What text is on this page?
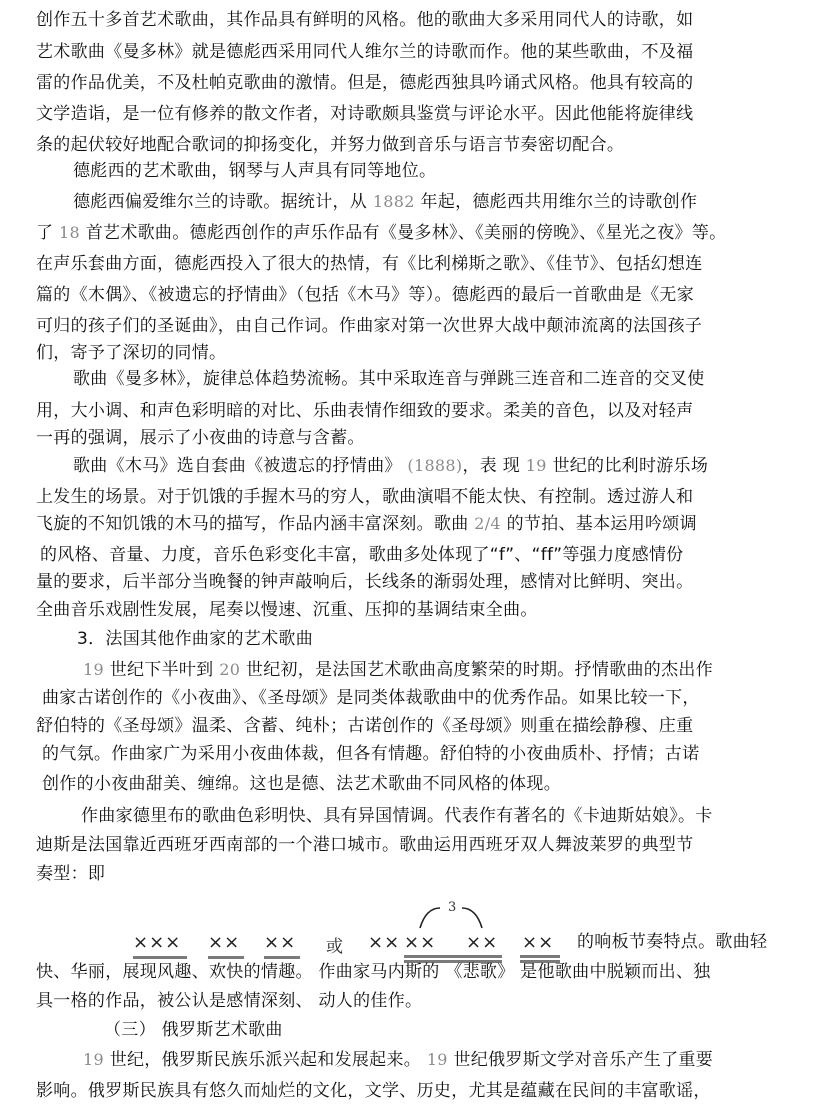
创作五十多首艺术歌曲，其作品具有鲜明的风格。他的歌曲大多采用同代人的诗歌，如
艺术歌曲《曼多林》就是德彪西采用同代人维尔兰的诗歌而作。他的某些歌曲，不及福
雷的作品优美，不及杜帕克歌曲的激情。但是，德彪西独具吟诵式风格。他具有较高的
文学造诣，是一位有修养的散文作者，对诗歌颇具鉴赏与评论水平。因此他能将旋律线
条的起伏较好地配合歌词的抑扬变化，并努力做到音乐与语言节奏密切配合。
德彪西的艺术歌曲，钢琴与人声具有同等地位。
德彪西偏爱维尔兰的诗歌。据统计，从 1882 年起，德彪西共用维尔兰的诗歌创作
了 18 首艺术歌曲。德彪西创作的声乐作品有《曼多林》、《美丽的傍晚》、《星光之夜》等。
在声乐套曲方面，德彪西投入了很大的热情，有《比利梯斯之歌》、《佳节》、包括幻想连
篇的《木偶》、《被遗忘的抒情曲》（包括《木马》等）。德彪西的最后一首歌曲是《无家
可归的孩子们的圣诞曲》，由自己作词。作曲家对第一次世界大战中颠沛流离的法国孩子
们，寄予了深切的同情。
歌曲《曼多林》，旋律总体趋势流畅。其中采取连音与弹跳三连音和二连音的交叉使
用，大小调、和声色彩明暗的对比、乐曲表情作细致的要求。柔美的音色，以及对轻声
一再的强调，展示了小夜曲的诗意与含蓄。
歌曲《木马》选自套曲《被遗忘的抒情曲》 (1888)，表 现 19 世纪的比利时游乐场
上发生的场景。对于饥饿的手握木马的穷人，歌曲演唱不能太快、有控制。透过游人和
飞旋的不知饥饿的木马的描写，作品内涵丰富深刻。歌曲 2/4 的节拍、基本运用吟颂调
的风格、音量、力度，音乐色彩变化丰富，歌曲多处体现了“f”、“ff”等强力度感情份
量的要求，后半部分当晚餐的钟声敲响后，长线条的渐弱处理，感情对比鲜明、突出。
全曲音乐戏剧性发展，尾奏以慢速、沉重、压抑的基调结束全曲。
3．法国其他作曲家的艺术歌曲
19 世纪下半叶到 20 世纪初，是法国艺术歌曲高度繁荣的时期。抒情歌曲的杰出作
曲家古诺创作的《小夜曲》、《圣母颂》是同类体裁歌曲中的优秀作品。如果比较一下，
舒伯特的《圣母颂》温柔、含蓄、纯朴；古诺创作的《圣母颂》则重在描绘静穆、庄重
的气氛。作曲家广为采用小夜曲体裁，但各有情趣。舒伯特的小夜曲质朴、抒情；古诺
创作的小夜曲甜美、缠绵。这也是德、法艺术歌曲不同风格的体现。
作曲家德里布的歌曲色彩明快、具有异国情调。代表作有著名的《卡迪斯姑娘》。卡
迪斯是法国靠近西班牙西南部的一个港口城市。歌曲运用西班牙双人舞波莱罗的典型节
奏型：即
××× ×× ×× 或
3
×× ×× ×× ×× 的响板节奏特点。歌曲轻
快、华丽，展现风趣、欢快的情趣。 作曲家马内斯的 《悲歌》 是他歌曲中脱颖而出、独
具一格的作品，被公认是感情深刻、 动人的佳作。
（三） 俄罗斯艺术歌曲
19 世纪，俄罗斯民族乐派兴起和发展起来。 19 世纪俄罗斯文学对音乐产生了重要
影响。俄罗斯民族具有悠久而灿烂的文化，文学、历史，尤其是蕴藏在民间的丰富歌谣，
